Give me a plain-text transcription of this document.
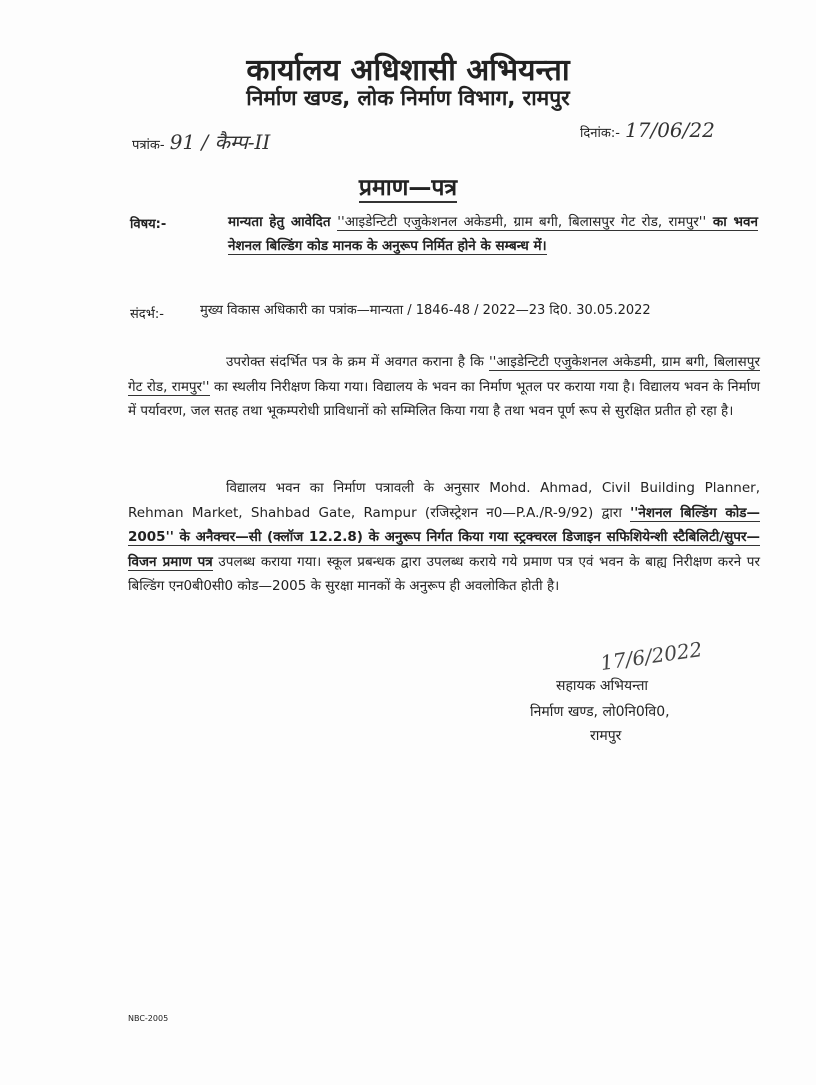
कार्यालय अधिशासी अभियन्ता
निर्माण खण्ड, लोक निर्माण विभाग, रामपुर
पत्रांक- 91 / कैम्प-II	दिनांक:- 17/06/22
प्रमाण—पत्र
विषय:-	मान्यता हेतु आवेदित ''आइडेन्टिटी एजुकेशनल अकेडमी, ग्राम बगी, बिलासपुर गेट रोड, रामपुर'' का भवन नेशनल बिल्डिंग कोड मानक के अनुरूप निर्मित होने के सम्बन्ध में।
संदर्भ:-	मुख्य विकास अधिकारी का पत्रांक—मान्यता / 1846-48 / 2022—23 दि0. 30.05.2022
उपरोक्त संदर्भित पत्र के क्रम में अवगत कराना है कि ''आइडेन्टिटी एजुकेशनल अकेडमी, ग्राम बगी, बिलासपुर गेट रोड, रामपुर'' का स्थलीय निरीक्षण किया गया। विद्यालय के भवन का निर्माण भूतल पर कराया गया है। विद्यालय भवन के निर्माण में पर्यावरण, जल सतह तथा भूकम्परोधी प्राविधानों को सम्मिलित किया गया है तथा भवन पूर्ण रूप से सुरक्षित प्रतीत हो रहा है।
विद्यालय भवन का निर्माण पत्रावली के अनुसार Mohd. Ahmad, Civil Building Planner, Rehman Market, Shahbad Gate, Rampur (रजिस्ट्रेशन न0—P.A./R-9/92) द्वारा ''नेशनल बिल्डिंग कोड—2005'' के अनैक्चर—सी (क्लॉज 12.2.8) के अनुरूप निर्गत किया गया स्ट्रक्चरल डिजाइन सफिशियेन्शी स्टैबिलिटी/सुपर—विजन प्रमाण पत्र उपलब्ध कराया गया। स्कूल प्रबन्धक द्वारा उपलब्ध कराये गये प्रमाण पत्र एवं भवन के बाह्य निरीक्षण करने पर बिल्डिंग एन0बी0सी0 कोड—2005 के सुरक्षा मानकों के अनुरूप ही अवलोकित होती है।
17/6/2022
सहायक अभियन्ता
निर्माण खण्ड, लो0नि0वि0,
रामपुर
NBC-2005
